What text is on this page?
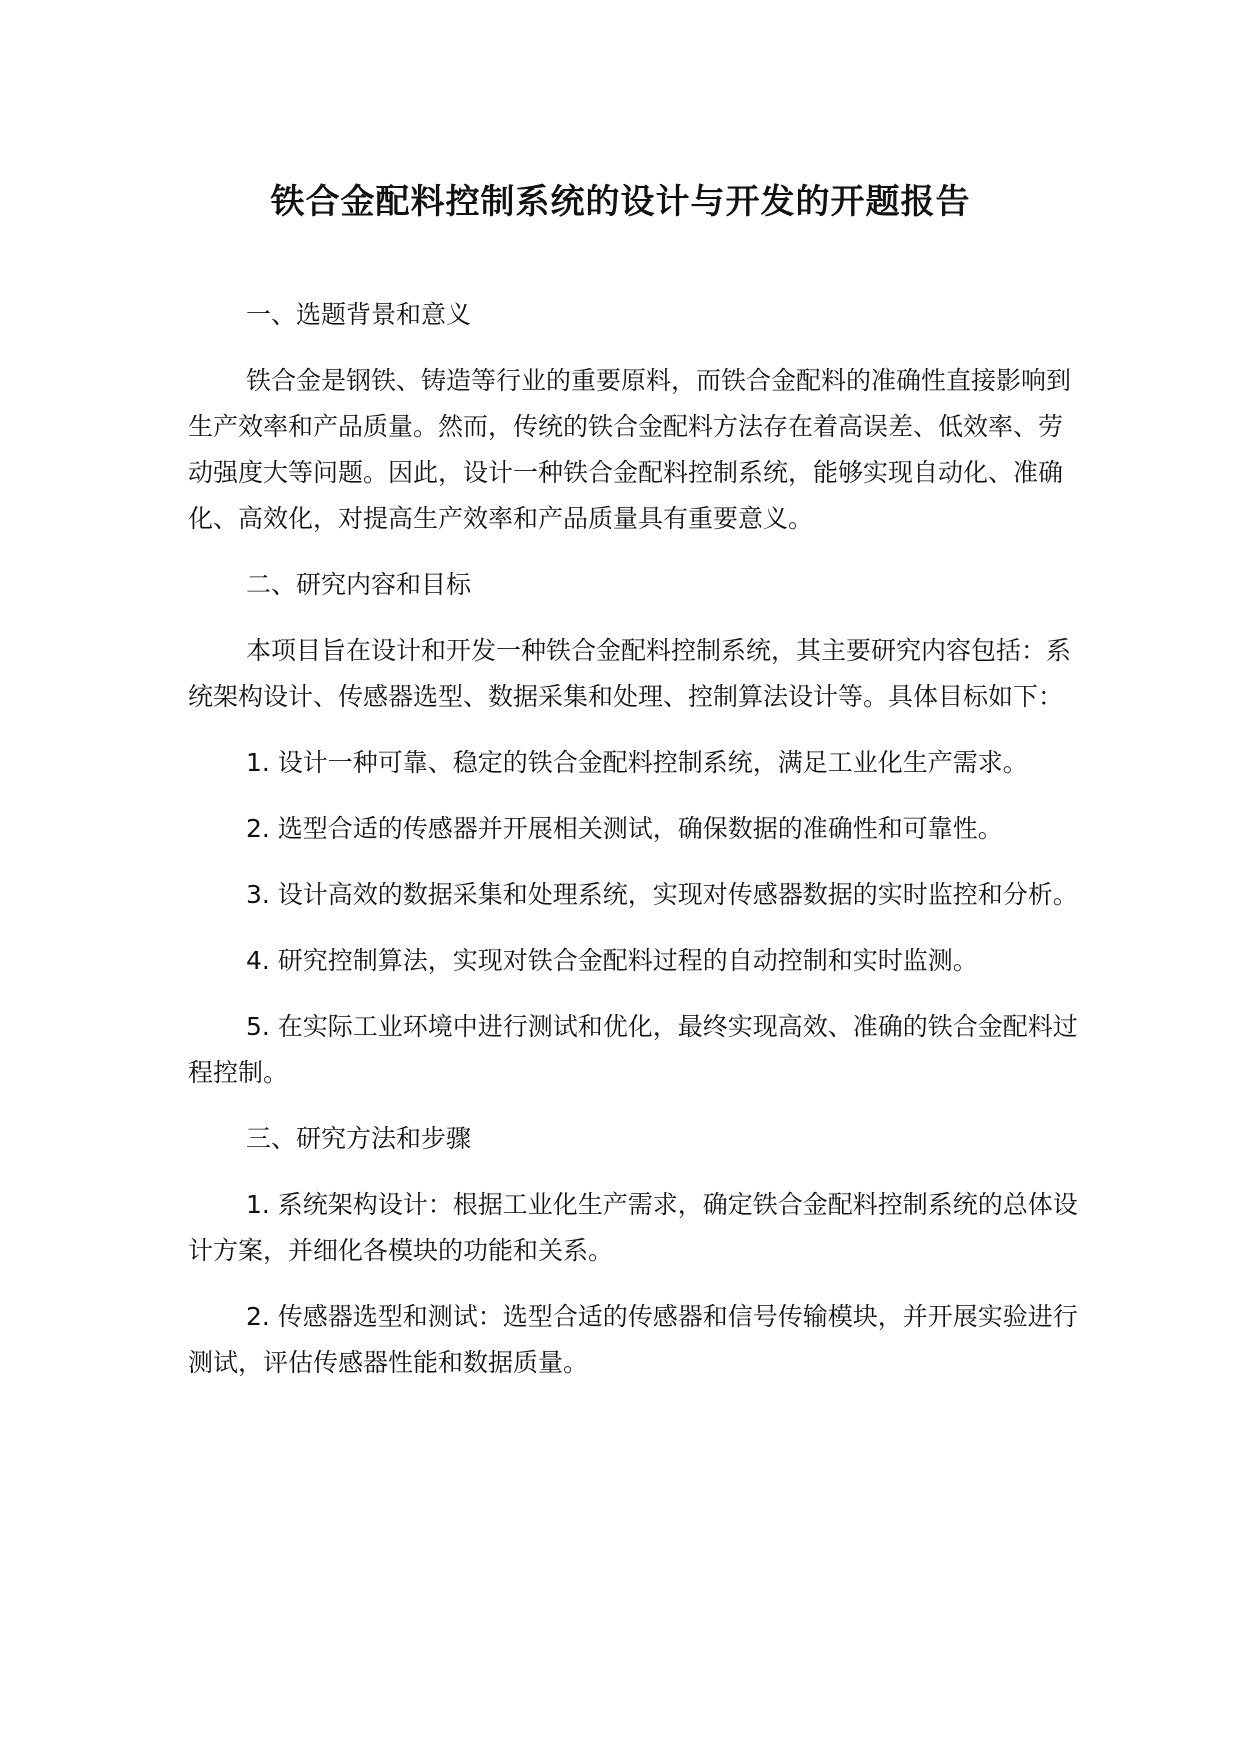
铁合金配料控制系统的设计与开发的开题报告
一、选题背景和意义

铁合金是钢铁、铸造等行业的重要原料，而铁合金配料的准确性直接影响到生产效率和产品质量。然而，传统的铁合金配料方法存在着高误差、低效率、劳动强度大等问题。因此，设计一种铁合金配料控制系统，能够实现自动化、准确化、高效化，对提高生产效率和产品质量具有重要意义。

二、研究内容和目标

本项目旨在设计和开发一种铁合金配料控制系统，其主要研究内容包括：系统架构设计、传感器选型、数据采集和处理、控制算法设计等。具体目标如下：

1. 设计一种可靠、稳定的铁合金配料控制系统，满足工业化生产需求。

2. 选型合适的传感器并开展相关测试，确保数据的准确性和可靠性。

3. 设计高效的数据采集和处理系统，实现对传感器数据的实时监控和分析。

4. 研究控制算法，实现对铁合金配料过程的自动控制和实时监测。

5. 在实际工业环境中进行测试和优化，最终实现高效、准确的铁合金配料过程控制。

三、研究方法和步骤

1. 系统架构设计：根据工业化生产需求，确定铁合金配料控制系统的总体设计方案，并细化各模块的功能和关系。

2. 传感器选型和测试：选型合适的传感器和信号传输模块，并开展实验进行测试，评估传感器性能和数据质量。
